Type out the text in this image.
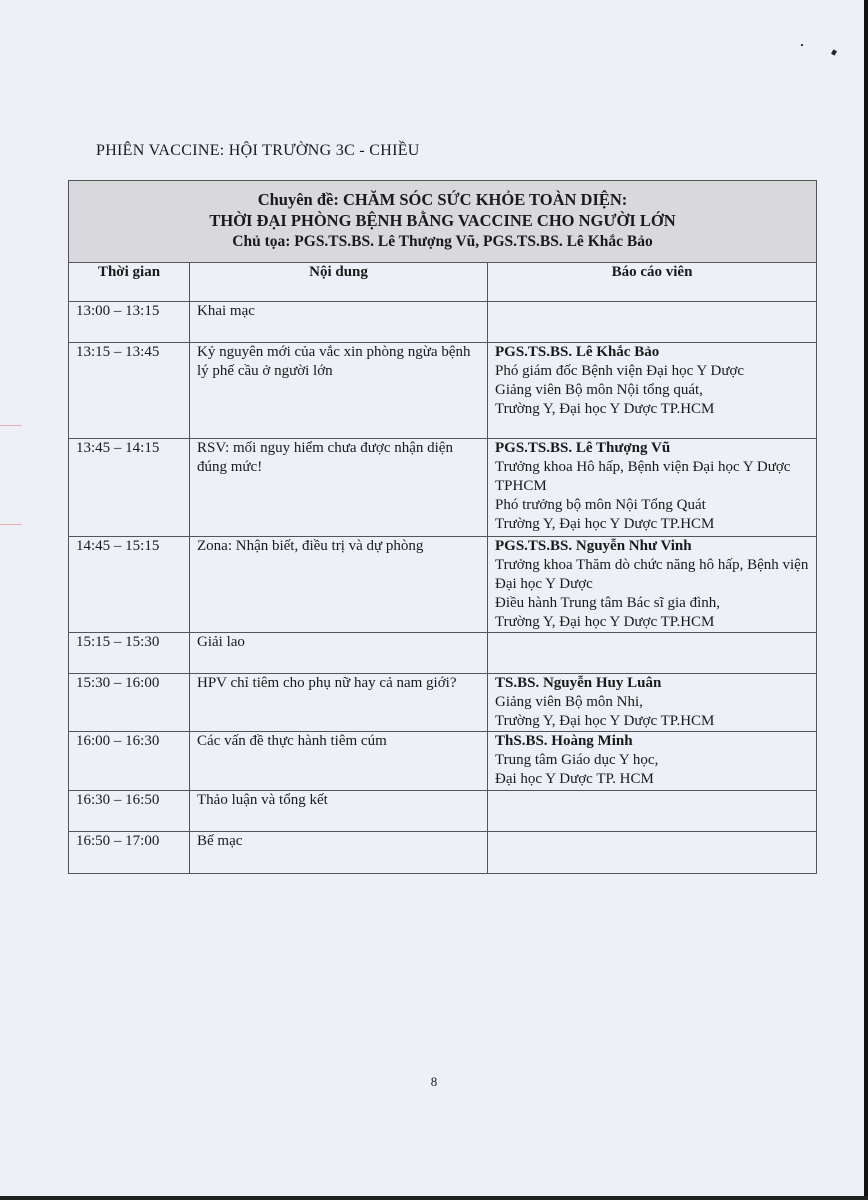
PHIÊN VACCINE: HỘI TRƯỜNG 3C - CHIỀU
Chuyên đề: CHĂM SÓC SỨC KHỎE TOÀN DIỆN:
THỜI ĐẠI PHÒNG BỆNH BẰNG VACCINE CHO NGƯỜI LỚN
Chủ tọa: PGS.TS.BS. Lê Thượng Vũ, PGS.TS.BS. Lê Khắc Bảo		

Thời gian	Nội dung	Báo cáo viên
13:00 – 13:15	Khai mạc	
13:15 – 13:45	Kỷ nguyên mới của vắc xin phòng ngừa bệnh lý phế cầu ở người lớn	PGS.TS.BS. Lê Khắc Bảo
Phó giám đốc Bệnh viện Đại học Y Dược
Giảng viên Bộ môn Nội tổng quát,
Trường Y, Đại học Y Dược TP.HCM

13:45 – 14:15	RSV: mối nguy hiểm chưa được nhận diện đúng mức!	PGS.TS.BS. Lê Thượng Vũ
Trưởng khoa Hô hấp, Bệnh viện Đại học Y Dược TPHCM
Phó trưởng bộ môn Nội Tổng Quát
Trường Y, Đại học Y Dược TP.HCM

14:45 – 15:15	Zona: Nhận biết, điều trị và dự phòng	PGS.TS.BS. Nguyễn Như Vinh
Trưởng khoa Thăm dò chức năng hô hấp, Bệnh viện Đại học Y Dược
Điều hành Trung tâm Bác sĩ gia đình,
Trường Y, Đại học Y Dược TP.HCM

15:15 – 15:30	Giải lao	
15:30 – 16:00	HPV chỉ tiêm cho phụ nữ hay cả nam giới?	TS.BS. Nguyễn Huy Luân
Giảng viên Bộ môn Nhi,
Trường Y, Đại học Y Dược TP.HCM

16:00 – 16:30	Các vấn đề thực hành tiêm cúm	ThS.BS. Hoàng Minh
Trung tâm Giáo dục Y học,
Đại học Y Dược TP. HCM

16:30 – 16:50	Thảo luận và tổng kết	
16:50 – 17:00	Bế mạc	
8
